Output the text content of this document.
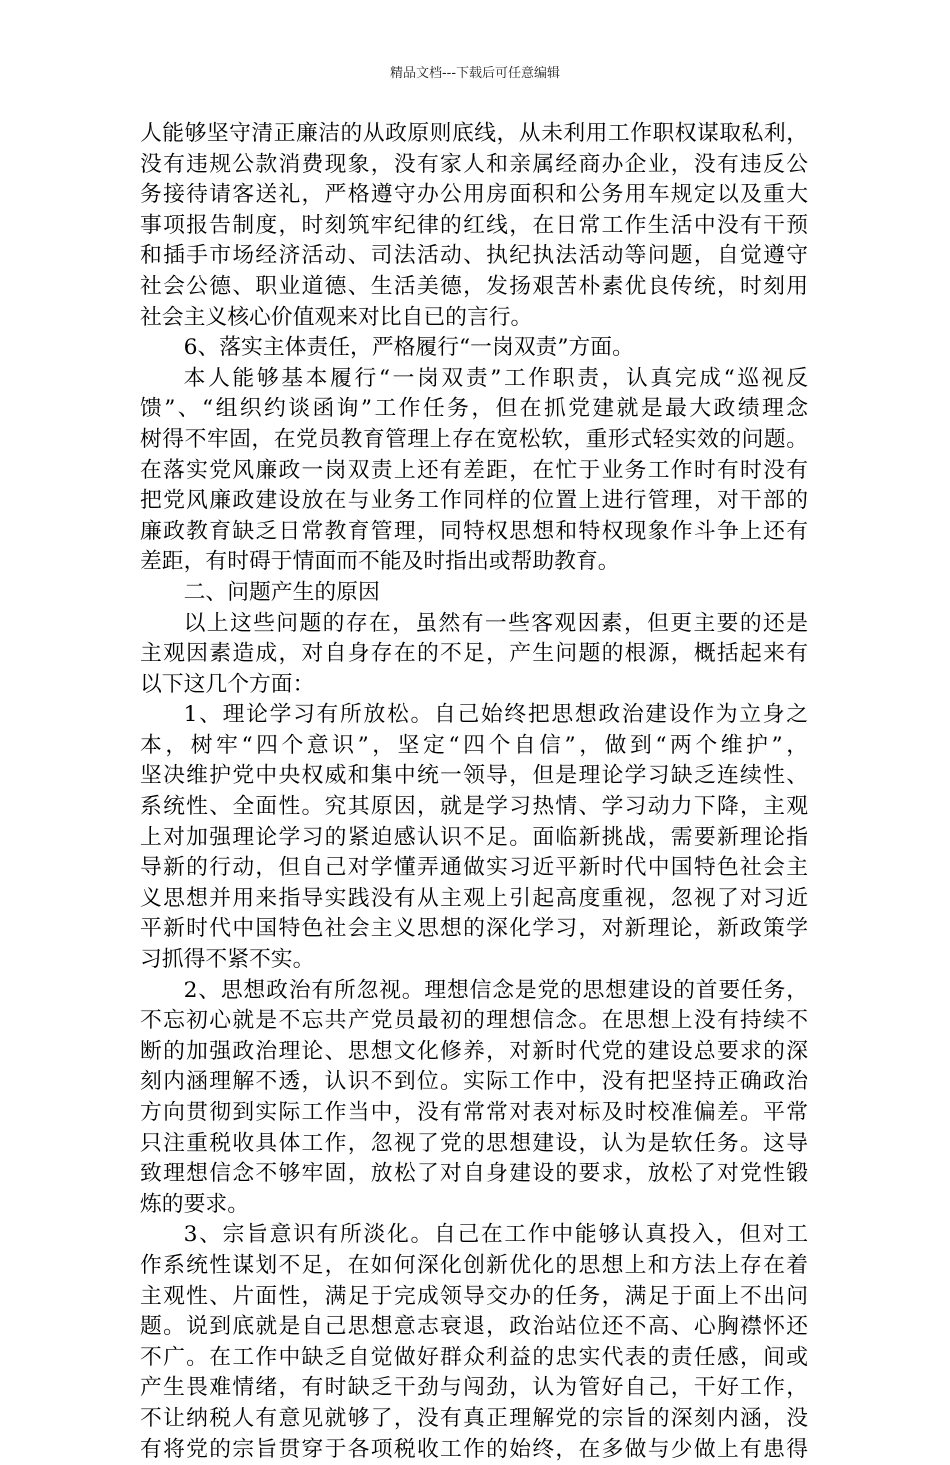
精品文档---下载后可任意编辑
人能够坚守清正廉洁的从政原则底线，从未利用工作职权谋取私利，
没有违规公款消费现象，没有家人和亲属经商办企业，没有违反公
务接待请客送礼，严格遵守办公用房面积和公务用车规定以及重大
事项报告制度，时刻筑牢纪律的红线，在日常工作生活中没有干预
和插手市场经济活动、司法活动、执纪执法活动等问题，自觉遵守
社会公德、职业道德、生活美德，发扬艰苦朴素优良传统，时刻用
社会主义核心价值观来对比自已的言行。
6、落实主体责任，严格履行“一岗双责”方面。
本人能够基本履行“一岗双责”工作职责，认真完成“巡视反
馈”、“组织约谈函询”工作任务，但在抓党建就是最大政绩理念
树得不牢固，在党员教育管理上存在宽松软，重形式轻实效的问题。
在落实党风廉政一岗双责上还有差距，在忙于业务工作时有时没有
把党风廉政建设放在与业务工作同样的位置上进行管理，对干部的
廉政教育缺乏日常教育管理，同特权思想和特权现象作斗争上还有
差距，有时碍于情面而不能及时指出或帮助教育。
二、问题产生的原因
以上这些问题的存在，虽然有一些客观因素，但更主要的还是
主观因素造成，对自身存在的不足，产生问题的根源，概括起来有
以下这几个方面：
1、理论学习有所放松。自己始终把思想政治建设作为立身之
本，树牢“四个意识”，坚定“四个自信”，做到“两个维护”，
坚决维护党中央权威和集中统一领导，但是理论学习缺乏连续性、
系统性、全面性。究其原因，就是学习热情、学习动力下降，主观
上对加强理论学习的紧迫感认识不足。面临新挑战，需要新理论指
导新的行动，但自己对学懂弄通做实习近平新时代中国特色社会主
义思想并用来指导实践没有从主观上引起高度重视，忽视了对习近
平新时代中国特色社会主义思想的深化学习，对新理论，新政策学
习抓得不紧不实。
2、思想政治有所忽视。理想信念是党的思想建设的首要任务，
不忘初心就是不忘共产党员最初的理想信念。在思想上没有持续不
断的加强政治理论、思想文化修养，对新时代党的建设总要求的深
刻内涵理解不透，认识不到位。实际工作中，没有把坚持正确政治
方向贯彻到实际工作当中，没有常常对表对标及时校准偏差。平常
只注重税收具体工作，忽视了党的思想建设，认为是软任务。这导
致理想信念不够牢固，放松了对自身建设的要求，放松了对党性锻
炼的要求。
3、宗旨意识有所淡化。自己在工作中能够认真投入，但对工
作系统性谋划不足，在如何深化创新优化的思想上和方法上存在着
主观性、片面性，满足于完成领导交办的任务，满足于面上不出问
题。说到底就是自己思想意志衰退，政治站位还不高、心胸襟怀还
不广。在工作中缺乏自觉做好群众利益的忠实代表的责任感，间或
产生畏难情绪，有时缺乏干劲与闯劲，认为管好自己，干好工作，
不让纳税人有意见就够了，没有真正理解党的宗旨的深刻内涵，没
有将党的宗旨贯穿于各项税收工作的始终，在多做与少做上有患得
